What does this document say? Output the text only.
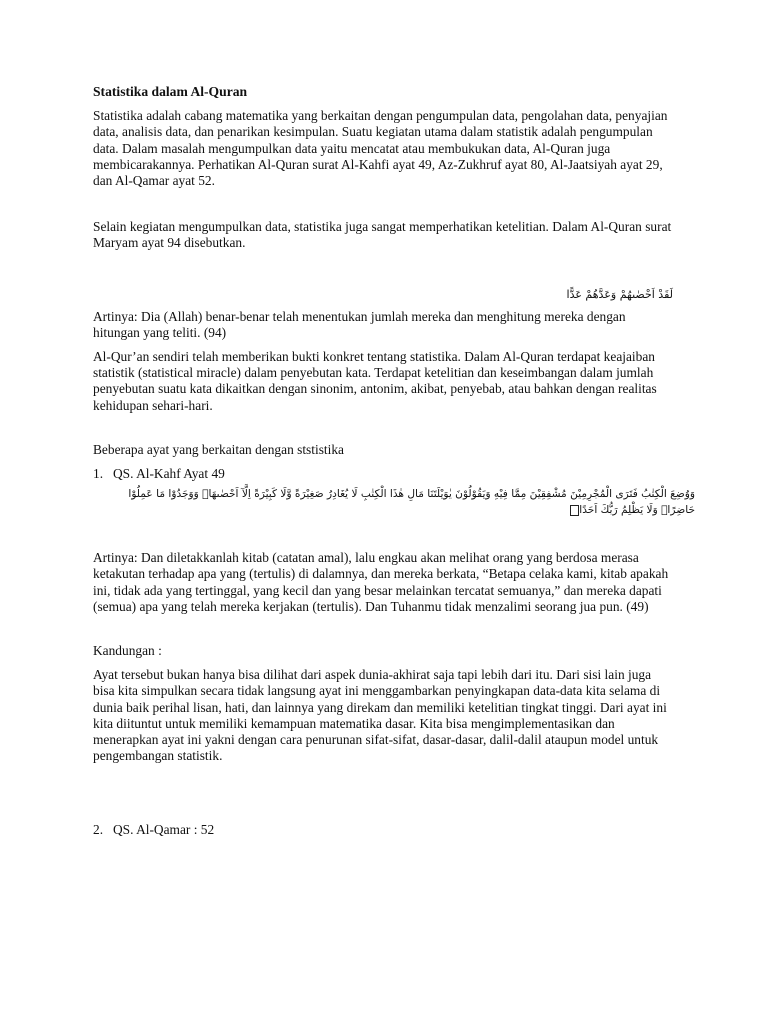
Statistika dalam Al-Quran

Statistika adalah cabang matematika yang berkaitan dengan pengumpulan data, pengolahan data, penyajian data, analisis data, dan penarikan kesimpulan. Suatu kegiatan utama dalam statistik adalah pengumpulan data. Dalam masalah mengumpulkan data yaitu mencatat atau membukukan data, Al-Quran juga membicarakannya. Perhatikan Al-Quran surat Al-Kahfi ayat 49, Az-Zukhruf ayat 80, Al-Jaatsiyah ayat 29, dan Al-Qamar ayat 52.

Selain kegiatan mengumpulkan data, statistika juga sangat memperhatikan ketelitian. Dalam Al-Quran surat Maryam ayat 94 disebutkan.

لَقَدْ اَحْصٰىهُمْ وَعَدَّهُمْ عَدًّا

Artinya: Dia (Allah) benar-benar telah menentukan jumlah mereka dan menghitung mereka dengan hitungan yang teliti. (94)

Al-Qur’an sendiri telah memberikan bukti konkret tentang statistika. Dalam Al-Quran terdapat keajaiban statistik (statistical miracle) dalam penyebutan kata. Terdapat ketelitian dan keseimbangan dalam jumlah penyebutan suatu kata dikaitkan dengan sinonim, antonim, akibat, penyebab, atau bahkan dengan realitas kehidupan sehari-hari.

Beberapa ayat yang berkaitan dengan ststistika

1. QS. Al-Kahf Ayat 49
وَوُضِعَ الْكِتٰبُ فَتَرَى الْمُجْرِمِيْنَ مُشْفِقِيْنَ مِمَّا فِيْهِ وَيَقُوْلُوْنَ يٰوَيْلَتَنَا مَالِ هٰذَا الْكِتٰبِ لَا يُغَادِرُ صَغِيْرَةً وَّلَا كَبِيْرَةً اِلَّآ اَحْصٰىهَاۚ وَوَجَدُوْا مَا عَمِلُوْا حَاضِرًاۗ وَلَا يَظْلِمُ رَبُّكَ اَحَدًا

Artinya: Dan diletakkanlah kitab (catatan amal), lalu engkau akan melihat orang yang berdosa merasa ketakutan terhadap apa yang (tertulis) di dalamnya, dan mereka berkata, “Betapa celaka kami, kitab apakah ini, tidak ada yang tertinggal, yang kecil dan yang besar melainkan tercatat semuanya,” dan mereka dapati (semua) apa yang telah mereka kerjakan (tertulis). Dan Tuhanmu tidak menzalimi seorang jua pun. (49)

Kandungan :

Ayat tersebut bukan hanya bisa dilihat dari aspek dunia-akhirat saja tapi lebih dari itu. Dari sisi lain juga bisa kita simpulkan secara tidak langsung ayat ini menggambarkan penyingkapan data-data kita selama di dunia baik perihal lisan, hati, dan lainnya yang direkam dan memiliki ketelitian tingkat tinggi. Dari ayat ini kita diituntut untuk memiliki kemampuan matematika dasar. Kita bisa mengimplementasikan dan menerapkan ayat ini yakni dengan cara penurunan sifat-sifat, dasar-dasar, dalil-dalil ataupun model untuk pengembangan statistik.

2. QS. Al-Qamar : 52
